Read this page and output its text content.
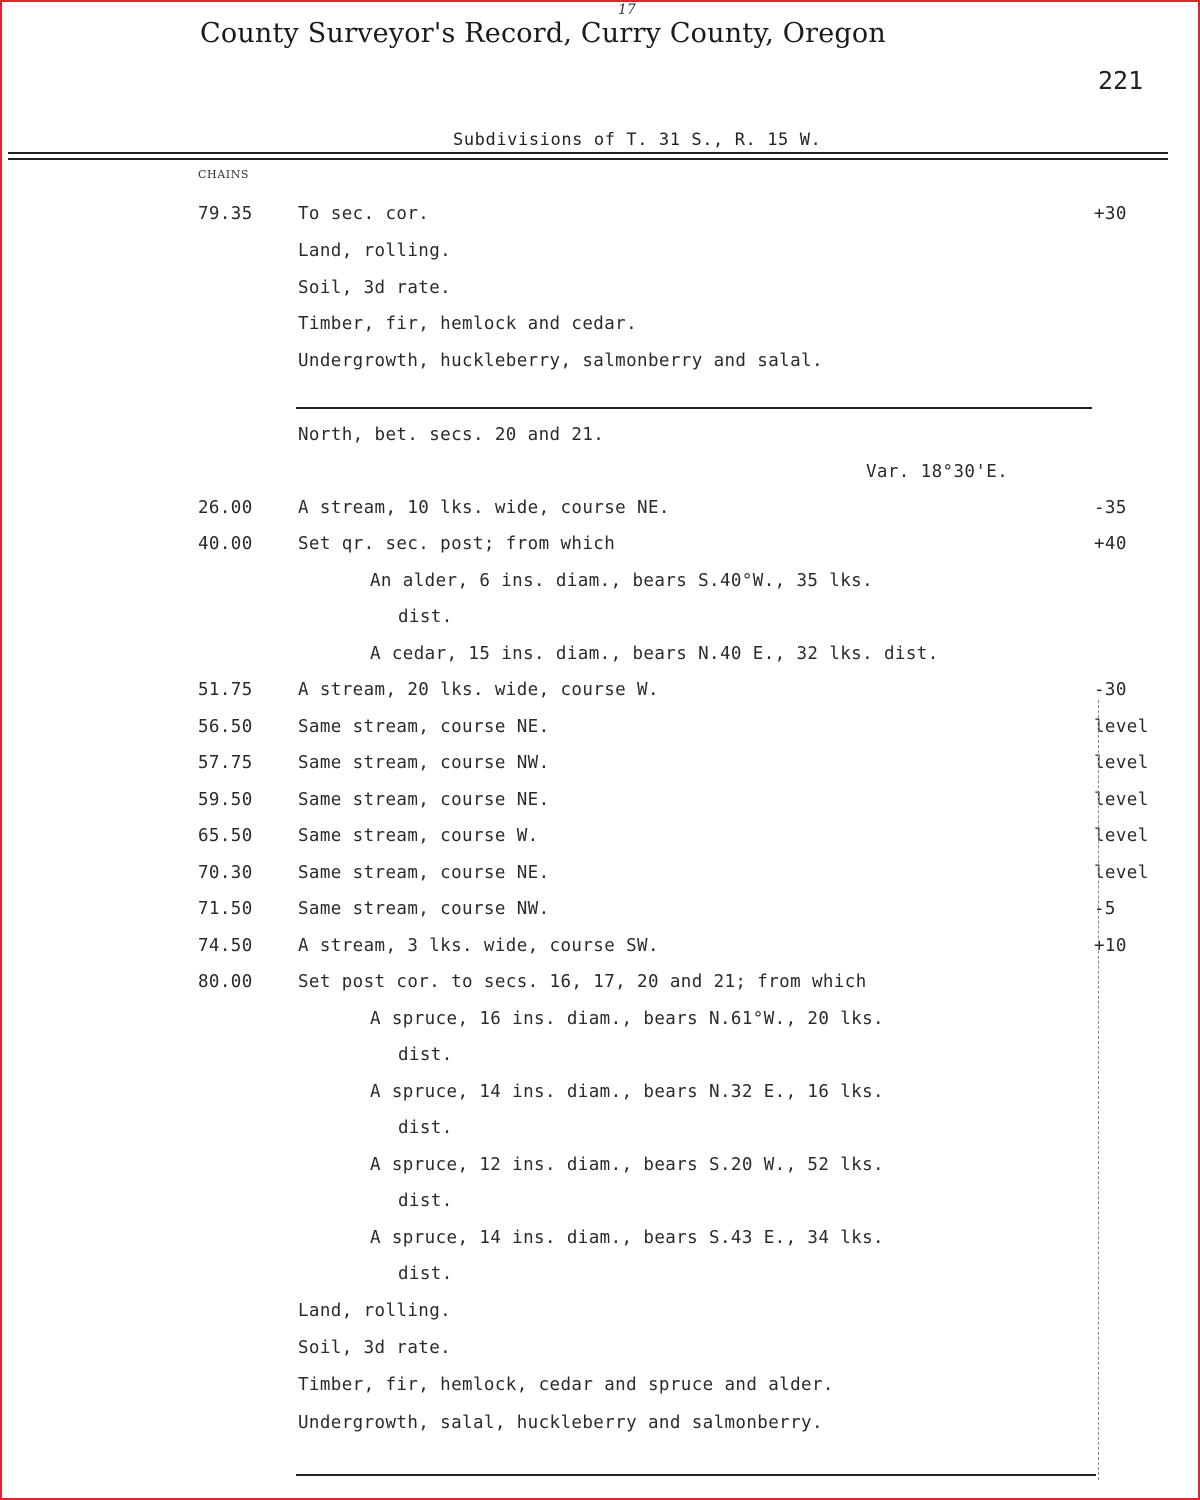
17
County Surveyor's Record, Curry County, Oregon
221
Subdivisions of T. 31 S., R. 15 W.
CHAINS
79.35	To sec. cor.	+30
Land, rolling.
Soil, 3d rate.
Timber, fir, hemlock and cedar.
Undergrowth, huckleberry, salmonberry and salal.
North, bet. secs. 20 and 21.
Var. 18°30'E.
26.00	A stream, 10 lks. wide, course NE.	-35
40.00	Set qr. sec. post; from which	+40
An alder, 6 ins. diam., bears S.40°W., 35 lks.
dist.
A cedar, 15 ins. diam., bears N.40 E., 32 lks. dist.
51.75	A stream, 20 lks. wide, course W.	-30
56.50	Same stream, course NE.	level
57.75	Same stream, course NW.	level
59.50	Same stream, course NE.	level
65.50	Same stream, course W.	level
70.30	Same stream, course NE.	level
71.50	Same stream, course NW.	-5
74.50	A stream, 3 lks. wide, course SW.	+10
80.00	Set post cor. to secs. 16, 17, 20 and 21; from which
A spruce, 16 ins. diam., bears N.61°W., 20 lks.
dist.
A spruce, 14 ins. diam., bears N.32 E., 16 lks.
dist.
A spruce, 12 ins. diam., bears S.20 W., 52 lks.
dist.
A spruce, 14 ins. diam., bears S.43 E., 34 lks.
dist.
Land, rolling.
Soil, 3d rate.
Timber, fir, hemlock, cedar and spruce and alder.
Undergrowth, salal, huckleberry and salmonberry.
